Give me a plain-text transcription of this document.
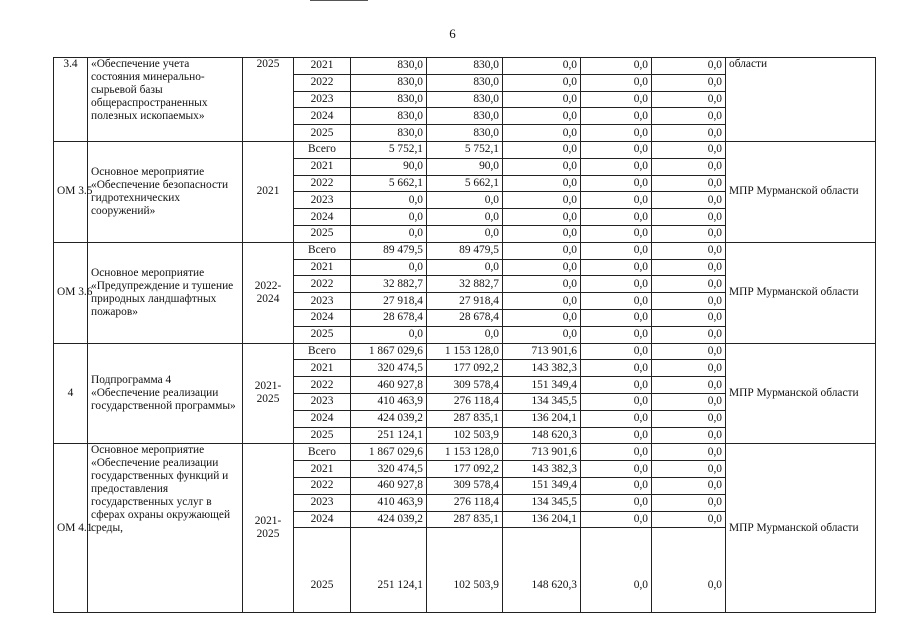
6
3.4	«Обеспечение учета состояния минерально-сырьевой базы общераспространенных полезных ископаемых»	2025	2021	830,0	830,0	0,0	0,0	0,0	области
			2022	830,0	830,0	0,0	0,0	0,0	
			2023	830,0	830,0	0,0	0,0	0,0	
			2024	830,0	830,0	0,0	0,0	0,0	
			2025	830,0	830,0	0,0	0,0	0,0	
ОМ 3.5	Основное мероприятие «Обеспечение безопасности гидротехнических сооружений»	2021	Всего	5 752,1	5 752,1	0,0	0,0	0,0	МПР Мурманской области
			2021	90,0	90,0	0,0	0,0	0,0	
			2022	5 662,1	5 662,1	0,0	0,0	0,0	
			2023	0,0	0,0	0,0	0,0	0,0	
			2024	0,0	0,0	0,0	0,0	0,0	
			2025	0,0	0,0	0,0	0,0	0,0	
ОМ 3.6	Основное мероприятие «Предупреждение и тушение природных ландшафтных пожаров»	2022-2024	Всего	89 479,5	89 479,5	0,0	0,0	0,0	МПР Мурманской области
			2021	0,0	0,0	0,0	0,0	0,0	
			2022	32 882,7	32 882,7	0,0	0,0	0,0	
			2023	27 918,4	27 918,4	0,0	0,0	0,0	
			2024	28 678,4	28 678,4	0,0	0,0	0,0	
			2025	0,0	0,0	0,0	0,0	0,0	
4	Подпрограмма 4 «Обеспечение реализации государственной программы»	2021-2025	Всего	1 867 029,6	1 153 128,0	713 901,6	0,0	0,0	МПР Мурманской области
			2021	320 474,5	177 092,2	143 382,3	0,0	0,0	
			2022	460 927,8	309 578,4	151 349,4	0,0	0,0	
			2023	410 463,9	276 118,4	134 345,5	0,0	0,0	
			2024	424 039,2	287 835,1	136 204,1	0,0	0,0	
			2025	251 124,1	102 503,9	148 620,3	0,0	0,0	
ОМ 4.1	Основное мероприятие «Обеспечение реализации государственных функций и предоставления государственных услуг в сферах охраны окружающей среды,	2021-2025	Всего	1 867 029,6	1 153 128,0	713 901,6	0,0	0,0	МПР Мурманской области
			2021	320 474,5	177 092,2	143 382,3	0,0	0,0	
			2022	460 927,8	309 578,4	151 349,4	0,0	0,0	
			2023	410 463,9	276 118,4	134 345,5	0,0	0,0	
			2024	424 039,2	287 835,1	136 204,1	0,0	0,0	
			2025	251 124,1	102 503,9	148 620,3	0,0	0,0	
